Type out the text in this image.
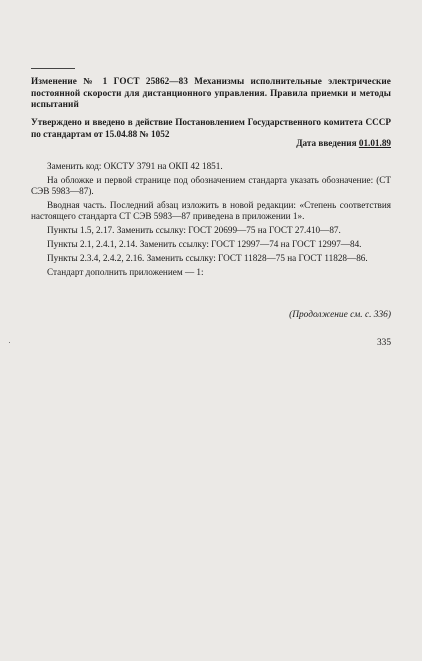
Изменение № 1 ГОСТ 25862—83 Механизмы исполнительные электрические постоянной скорости для дистанционного управления. Правила приемки и методы испытаний
Утверждено и введено в действие Постановлением Государственного комитета СССР по стандартам от 15.04.88 № 1052
Дата введения 01.01.89

Заменить код: ОКСТУ 3791 на ОКП 42 1851.

На обложке и первой странице под обозначением стандарта указать обозначение: (СТ СЭВ 5983—87).

Вводная часть. Последний абзац изложить в новой редакции: «Степень соответствия настоящего стандарта СТ СЭВ 5983—87 приведена в приложении 1».

Пункты 1.5, 2.17. Заменить ссылку: ГОСТ 20699—75 на ГОСТ 27.410—87.

Пункты 2.1, 2.4.1, 2.14. Заменить ссылку: ГОСТ 12997—74 на ГОСТ 12997—84.

Пункты 2.3.4, 2.4.2, 2.16. Заменить ссылку: ГОСТ 11828—75 на ГОСТ 11828—86.

Стандарт дополнить приложением — 1:

(Продолжение см. с. 336)
335
